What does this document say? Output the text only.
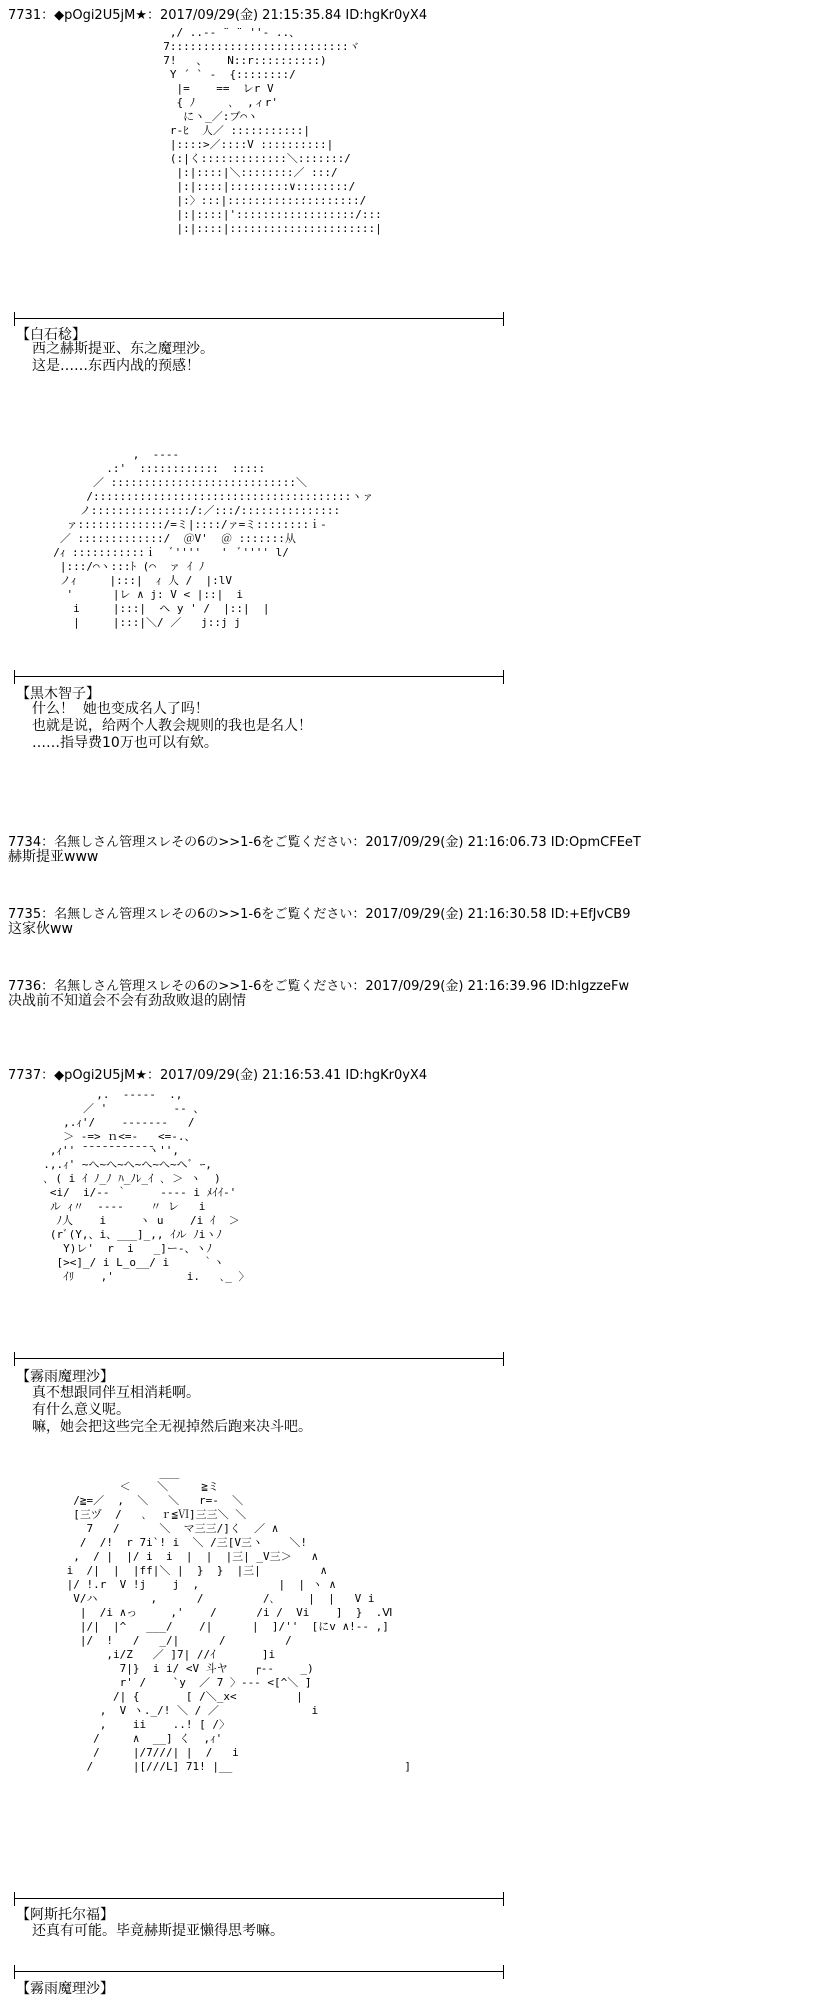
7731：◆pOgi2U5jM★：2017/09/29(金) 21:15:35.84 ID:hgKr0yX4
,/ ..-‐ ¨ ¨ ''‐ ..、
7:::::::::::::::::::::::::::ヾ
7!   、   N::r::::::::::)
Y ´ ` ‐  {::::::::/
|=    ==  レr V
{ ﾉ     ､  ,ィr'
にヽ_／:ブ⌒ヽ
r‐ﾋ  人／ :::::::::::|
|::::>／::::V ::::::::::|
(:|く:::::::::::::＼:::::::/
|:|::::|＼::::::::／ :::/
|:|::::|:::::::::∨::::::::/
|:〉:::|::::::::::::::::::::/
|:|::::|'::::::::::::::::::/:::
|:|::::|::::::::::::::::::::::|
【白石稔】
西之赫斯提亚、东之魔理沙。
这是……东西内战的预感！
,  ‐‐‐‐
.:'  ::::::::::::  :::::
／ ::::::::::::::::::::::::::::＼
/:::::::::::::::::::::::::::::::::::::::ヽァ
ノ:::::::::::::::/:／:::/:::::::::::::::
ァ:::::::::::::/=ミ|::::/ァ=ミ::::::::ｉ‐
／ :::::::::::::/  ＠V'  ＠ :::::::从
/ｨ :::::::::::ｉ  ﾞ''''   '  ﾞ'''' l/
|:::/⌒ヽ:::ﾄ (⌒  ァ ｲ ﾉ
ノｨ     |:::|  ｨ 人 /  |:lV
'      |レ ∧ j: V < |::|  i
i     |:::|  ヘ y ' /  |::|  |
|     |:::|＼/ ／   j::j j
【黒木智子】
什么！  她也变成名人了吗！
也就是说，给两个人教会规则的我也是名人！
……指导费10万也可以有欸。
7734：名無しさん管理スレその6の>>1-6をご覧ください：2017/09/29(金) 21:16:06.73 ID:OpmCFEeT
赫斯提亚www
7735：名無しさん管理スレその6の>>1-6をご覧ください：2017/09/29(金) 21:16:30.58 ID:+EfJvCB9
这家伙ww
7736：名無しさん管理スレその6の>>1-6をご覧ください：2017/09/29(金) 21:16:39.96 ID:hIgzzeFw
决战前不知道会不会有劲敌败退的剧情
7737：◆pOgi2U5jM★：2017/09/29(金) 21:16:53.41 ID:hgKr0yX4
,.  ‐‐‐‐‐  .,
／ '          ‐‐ 、
,.ｨ'/    ‐‐‐‐‐‐‐   /
＞ -=> ｎ<=-   <=-.、
,ｨ'' ̄ ̄ ̄ ̄ ̄ ̄ ̄ ̄ ̄ ̄ ̄ヽ'',
.,.ｨ' ~へ~へ~へ~へ~へ~ヘﾞ ｰ,
､ ( i ｲ ﾉ_ﾉ ﾊ_ﾉﾚ_ｲ ､ ＞ ヽ  )
<i/  i/‐‐ ｀     ‐‐‐‐ i ﾒｲｲ‐'
ル ｨ〃  ‐‐‐‐    〃 レ   i
ﾉ人    i     ヽ u    /i ｲ  ＞
(rﾞ(Y,、i、___]_,, ｲル ﾉiヽﾉ
Y)レ'  r  i   _]ー-、ヽﾉ
[><]_/ i L_o__/ i     ｀ヽ
ｲﾘ    ,'           i.   ､_ 〉
【霧雨魔理沙】
真不想跟同伴互相消耗啊。
有什么意义呢。
嘛，她会把这些完全无视掉然后跑来决斗吧。
___
＜    ＼     ≧ミ
/≧=／  ,  ＼   ＼   r=‐  ＼
[三ヅ  /   ､  ｒ≦Ⅵ]三三＼ ＼
7   /      ＼  マ三三/]く  ／ ∧
/  /!  r 7i`! i  ＼ /三[V三ヽ    ＼!
,  / |  |/ i  i  |  |  |三| _V三＞   ∧
i  /|  |  |ff|＼ |  }  }  |三|         ∧
|/ !.r  V !j    j  ,            |  | ヽ ∧
V/ハ        ,      /         /､     |  |   V i
|  /i ∧っ     ,'    /      /i /  Vi    ]  }  .Ⅵ
|/|  |^   ___/    /|      |  ]/''  [にv ∧!‐‐ ,]
|/  !   /   _/|      /         /
,i/Z   ／ ]7| //ｲ       ]i
7|}  i i/ <V 斗ヤ    ┌‐‐    _)
r' /    `y  ／ 7 〉‐‐‐ <[^＼ ̄]
/| {       [ /＼_x<         |
,  V ヽ._/! ＼ / ／              i
,    ii    ..! [ /〉
/     ∧  __] く  ,ｨ'
/     |/7///| |  /   i
/      |[///L] 71! |__                          ]
【阿斯托尔福】
还真有可能。毕竟赫斯提亚懒得思考嘛。
【霧雨魔理沙】
